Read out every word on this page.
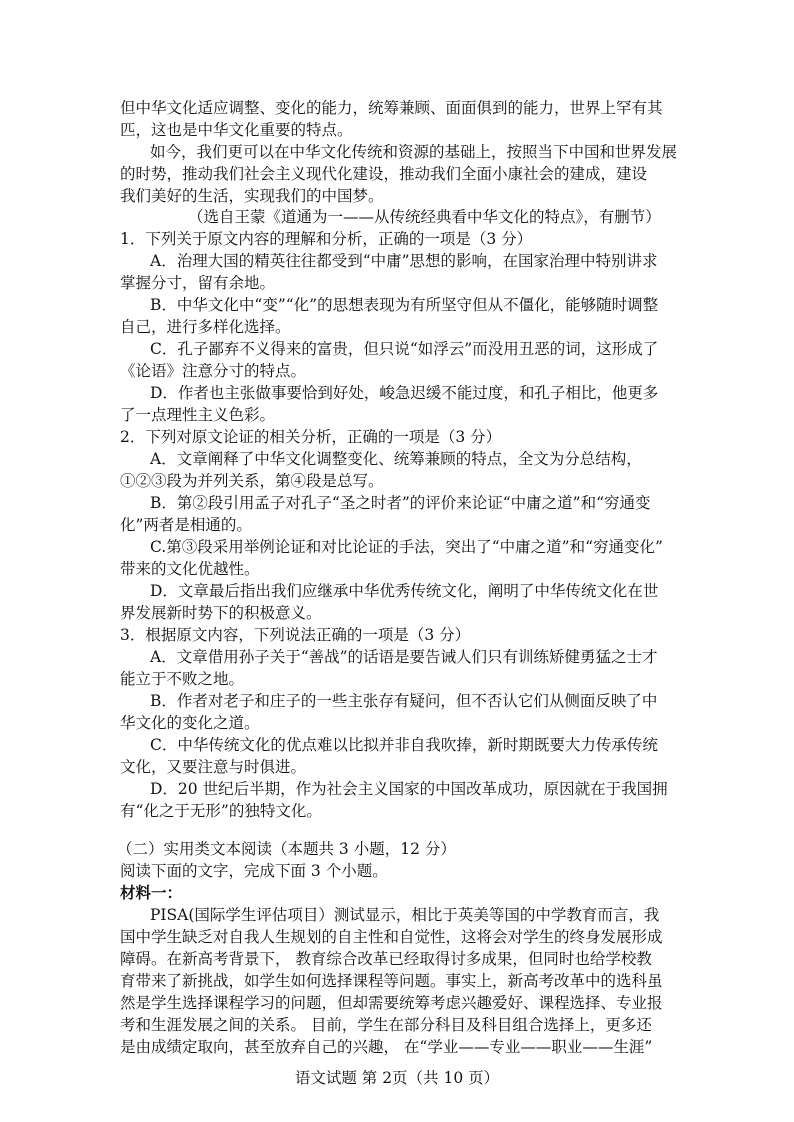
但中华文化适应调整、变化的能力，统筹兼顾、面面俱到的能力，世界上罕有其
匹，这也是中华文化重要的特点。
如今，我们更可以在中华文化传统和资源的基础上，按照当下中国和世界发展
的时势，推动我们社会主义现代化建设，推动我们全面小康社会的建成，建设
我们美好的生活，实现我们的中国梦。
（选自王蒙《道通为一——从传统经典看中华文化的特点》，有删节）
1．下列关于原文内容的理解和分析，正确的一项是（3 分）
A．治理大国的精英往往都受到“中庸”思想的影响，在国家治理中特别讲求
掌握分寸，留有余地。
B．中华文化中“变”“化”的思想表现为有所坚守但从不僵化，能够随时调整
自己，进行多样化选择。
C．孔子鄙弃不义得来的富贵，但只说“如浮云”而没用丑恶的词，这形成了
《论语》注意分寸的特点。
D．作者也主张做事要恰到好处，峻急迟缓不能过度，和孔子相比，他更多
了一点理性主义色彩。
2．下列对原文论证的相关分析，正确的一项是（3 分）
A．文章阐释了中华文化调整变化、统筹兼顾的特点，全文为分总结构，
①②③段为并列关系，第④段是总写。
B．第②段引用孟子对孔子“圣之时者”的评价来论证“中庸之道”和“穷通变
化”两者是相通的。
C.第③段采用举例论证和对比论证的手法，突出了“中庸之道”和“穷通变化”
带来的文化优越性。
D．文章最后指出我们应继承中华优秀传统文化，阐明了中华传统文化在世
界发展新时势下的积极意义。
3．根据原文内容，下列说法正确的一项是（3 分）
A．文章借用孙子关于“善战”的话语是要告诫人们只有训练矫健勇猛之士才
能立于不败之地。
B．作者对老子和庄子的一些主张存有疑问，但不否认它们从侧面反映了中
华文化的变化之道。
C．中华传统文化的优点难以比拟并非自我吹捧，新时期既要大力传承传统
文化，又要注意与时俱进。
D．20 世纪后半期，作为社会主义国家的中国改革成功，原因就在于我国拥
有“化之于无形”的独特文化。
（二）实用类文本阅读（本题共 3 小题，12 分）
阅读下面的文字，完成下面 3 个小题。
材料一：
PISA(国际学生评估项目）测试显示，相比于英美等国的中学教育而言，我
国中学生缺乏对自我人生规划的自主性和自觉性，这将会对学生的终身发展形成
障碍。在新高考背景下， 教育综合改革已经取得讨多成果，但同时也给学校教
育带来了新挑战，如学生如何选择课程等问题。事实上，新高考改革中的选科虽
然是学生选择课程学习的问题，但却需要统筹考虑兴趣爱好、课程选择、专业报
考和生涯发展之间的关系。 目前，学生在部分科目及科目组合选择上，更多还
语文试题 第 2页（共 10 页）
是由成绩定取向，甚至放弃自己的兴趣， 在“学业——专业——职业——生涯”
